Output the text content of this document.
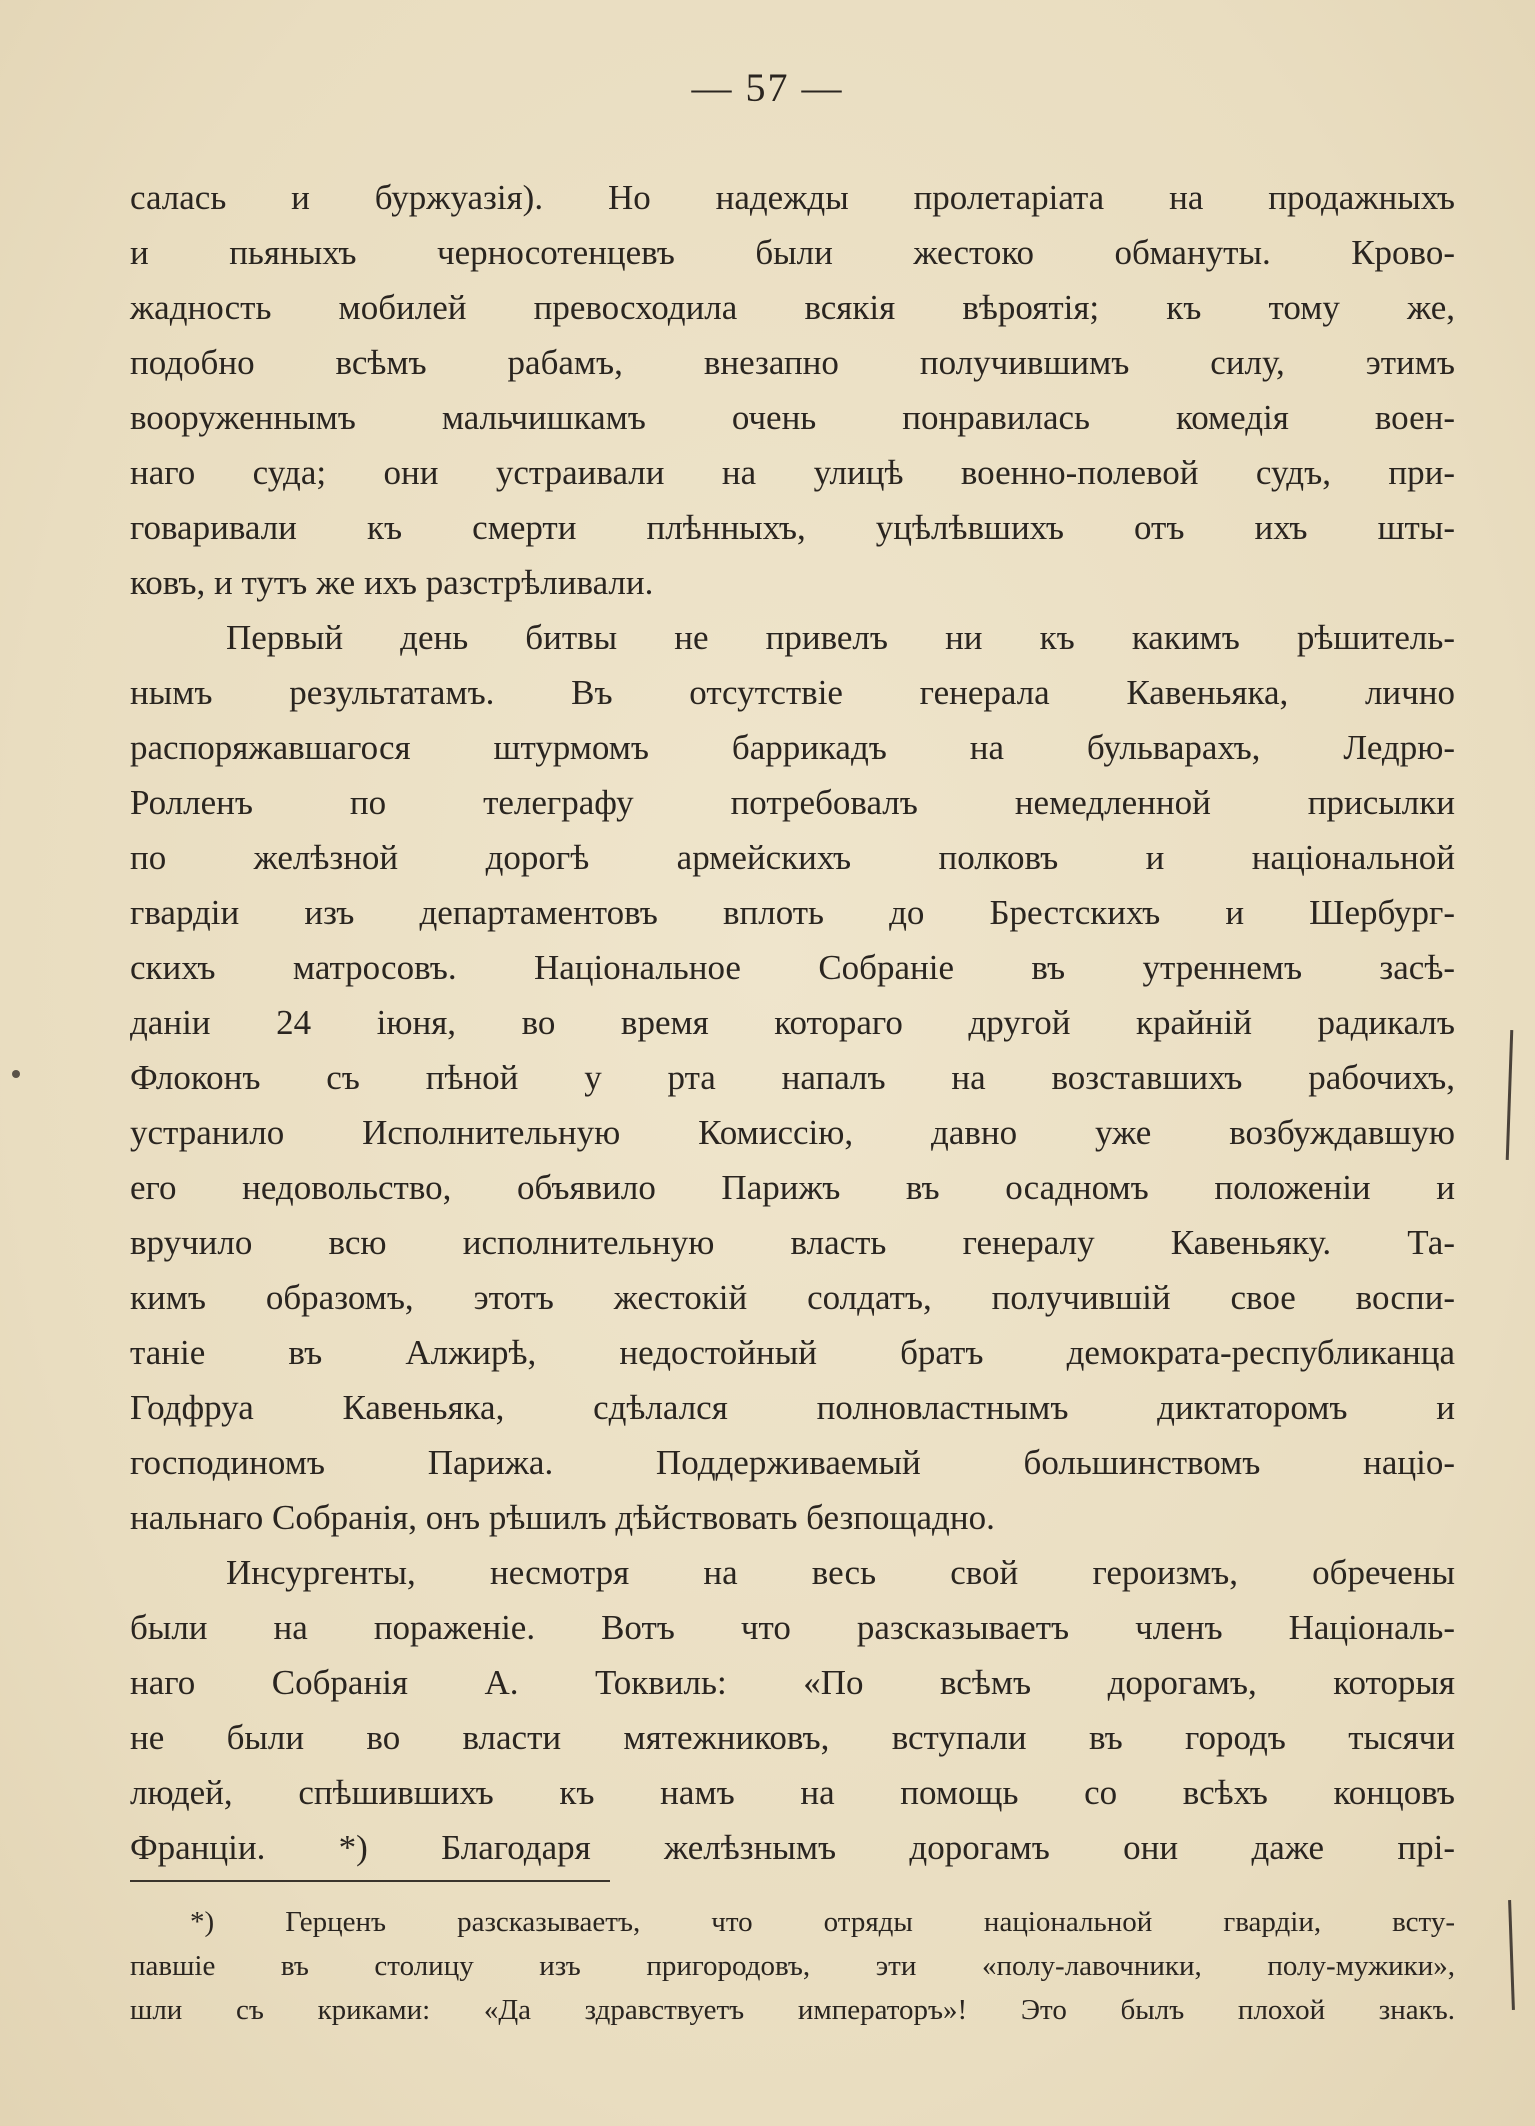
— 57 —
салась и буржуазія). Но надежды пролетаріата на продажныхъ
и пьяныхъ черносотенцевъ были жестоко обмануты. Крово-
жадность мобилей превосходила всякія вѣроятія; къ тому же,
подобно всѣмъ рабамъ, внезапно получившимъ силу, этимъ
вооруженнымъ мальчишкамъ очень понравилась комедія воен-
наго суда; они устраивали на улицѣ военно-полевой судъ, при-
говаривали къ смерти плѣнныхъ, уцѣлѣвшихъ отъ ихъ шты-
ковъ, и тутъ же ихъ разстрѣливали.
Первый день битвы не привелъ ни къ какимъ рѣшитель-
нымъ результатамъ. Въ отсутствіе генерала Кавеньяка, лично
распоряжавшагося штурмомъ баррикадъ на бульварахъ, Ледрю-
Ролленъ по телеграфу потребовалъ немедленной присылки
по желѣзной дорогѣ армейскихъ полковъ и національной
гвардіи изъ департаментовъ вплоть до Брестскихъ и Шербург-
скихъ матросовъ. Національное Собраніе въ утреннемъ засѣ-
даніи 24 іюня, во время котораго другой крайній радикалъ
Флоконъ съ пѣной у рта напалъ на возставшихъ рабочихъ,
устранило Исполнительную Комиссію, давно уже возбуждавшую
его недовольство, объявило Парижъ въ осадномъ положеніи и
вручило всю исполнительную власть генералу Кавеньяку. Та-
кимъ образомъ, этотъ жестокій солдатъ, получившій свое воспи-
таніе въ Алжирѣ, недостойный братъ демократа-республиканца
Годфруа Кавеньяка, сдѣлался полновластнымъ диктаторомъ и
господиномъ Парижа. Поддерживаемый большинствомъ націо-
нальнаго Собранія, онъ рѣшилъ дѣйствовать безпощадно.
Инсургенты, несмотря на весь свой героизмъ, обречены
были на пораженіе. Вотъ что разсказываетъ членъ Національ-
наго Собранія А. Токвиль: «По всѣмъ дорогамъ, которыя
не были во власти мятежниковъ, вступали въ городъ тысячи
людей, спѣшившихъ къ намъ на помощь со всѣхъ концовъ
Франціи. *) Благодаря желѣзнымъ дорогамъ они даже прі-
*) Герценъ разсказываетъ, что отряды національной гвардіи, всту-
павшіе въ столицу изъ пригородовъ, эти «полу-лавочники, полу-мужики»,
шли съ криками: «Да здравствуетъ императоръ»! Это былъ плохой знакъ.
